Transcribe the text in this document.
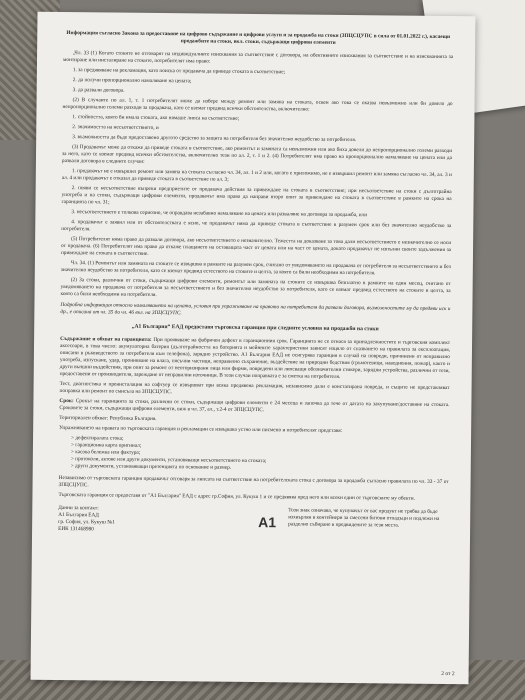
Информация съгласно Закона за предоставяне на цифрово съдържание и цифрови услуги и за продажба на стоки (ЗПЦСЦУПС в сила от 01.01.2022 г.), касаещи продажбите на стоки, вкл. стоки, съдържащи цифрови елементи

„Чл. 33 (1) Когато стоките не отговарят на индивидуалните изисквания за съответствие с договора, на обективните изисквания за съответствие и на изискванията за монтиране или инсталиране на стоките, потребителят има право:

1. за предявяване на рекламация, като поиска от продавача да приведе стоката в съответствие;

2. да получи пропорционално намаляване на цената;

3. да развали договора.

(2) В случаите по ал. 1, т. 1 потребителят може да избере между ремонт или замяна на стоката, освен ако това се оказва невъзможно или би довело до непропорционално големи разходи за продавача, като се вземат предвид всички обстоятелства, включително:

1. стойността, която би имала стоката, ако нямаше липса на съответствие;

2. значимостта на несъответствието, и

3. възможността да бъде предоставено другото средство за защита на потребителя без значително неудобство за потребителя.

(3) Продавачът може да откаже да приведе стоката в съответствие, ако ремонтът и замяната са невъзможни или ако биха довели до непропорционално големи разходи за него, като се вземат предвид всички обстоятелства, включително тези по ал. 2, т. 1 и 2. (4) Потребителят има право на пропорционално намаляване на цената или да развали договора в следните случаи:

1. продавачът не е извършил ремонт или замяна на стоката съгласно чл. 34, ал. 1 и 2 или, когато е приложимо, не е извършил ремонт или замяна съгласно чл. 34, ал. 3 и ал. 4 или продавачът е отказал да приведе стоката в съответствие по ал. 3;

2. появи се несъответствие въпреки предприетите от продавача действия за привеждане на стоката в съответствие; при несъответствие на стоки с дълготрайна употреба и на стоки, съдържащи цифрови елементи, продавачът има право да направи второ опит за привеждане на стоката в съответствие в рамките на срока на гаранцията по чл. 31;

3. несъответствието е толкова сериозно, че оправдава незабавно намаляване на цената или разваляне на договора за продажба, или

4. продавачът е заявил или от обстоятелствата е ясно, че продавачът няма да приведе стоката в съответствие в разумен срок или без значително неудобство за потребителя.

(5) Потребителят няма право да развали договора, ако несъответствието е незначително. Тежестта на доказване за това дали несъответствието е незначително се носи от продавача. (6) Потребителят има право да откаже плащането на оставащата част от цената или на част от цената, докато продавачът не изпълни своите задължения за привеждане на стоката в съответствие.

Чл. 34. (1) Ремонтът или замяната на стоките се извършва в рамките на разумен срок, считано от уведомяването на продавача от потребителя за несъответствието и без значително неудобство за потребителя, като се вземат предвид естеството на стоките и целта, за която са били необходими на потребителя.

(2) За стоки, различни от стоки, съдържащи цифрови елементи, ремонтът или замяната на стоките се извършва безплатно в рамките на един месец, считано от уведомяването на продавача от потребителя за несъответствието и без значително неудобство за потребителя, като се вземат предвид естеството на стоките и целта, за която са били необходими на потребителя.

Подробна информация относно намаляването на цената, условия при упражняване на правото на потребителя да развали договора, възможностите му да предяви иск и др., е описана от чл. 35 до чл. 46 вкл. на ЗПЦСЦУПС.

„А1 България“ ЕАД предоставя търговска гаранция при следните условия на продажби на стоки

Съдържание и обхват на гаранцията: При проявяване на фабричен дефект в гаранционния срок. Гаранцията не се отнася за принадлежностите и търговския комплект аксесоари, в това число: акумулаторна батерия (дълготрайността на батерията и мейнните характеристики зависят изцяло от спазването на правилата за експлоатация, описани в ръководството за потребителя към телефона), зарядно устройство. А1 България ЕАД не осигурява гаранция в случай на повреди, причинени от неправилно употреба, изпускане, удар, проникване на влага, пясъчни частици, неправилно съхранение, въздействие на природни бедствия (гръмотевици, наводнения, пожар), както и други външни въздействия, при опит за ремонт от неоторизирани лица или фирми, повредени или липсващи обозначителни стикери, зарядни устройства, различни от тези, предоставени от производителя, зареждане от неправилни източници. В тези случаи поправката е за сметка на потребителя.

Тест, диагностика и преинсталация на софтуер се извършват при всяка предявена рекламация, независимо дали е констатирана повреда, и същите не представляват поправка или ремонт по смисъла на ЗПЦСЦУПС.

Срок: Срокът на гаранцията за стоки, различни от стоки, съдържащи цифрови елементи е 24 месеца и започва да тече от датата на закупуване/доставяне на стоката. Сроковете за стоки, съдържащи цифрови елементи, виж в чл. 37, ал., т.2-4 от ЗПЦСЦУПС.

Териториален обхват: Република България.

Упражняването на правата по търговската гаранция и рекламации се извършва устно или писмено и потребителят представя:

> дефектиралата стока;
> гаранционна карта оригинал;
> касова бележка или фактура;
> протоколи, актове или други документи, установяващи несъответствието на стоката;
> други документи, установяващи претенцията по основание и размер.

Независимо от търговската гаранция продавачът отговаря за липсата на съответствие на потребителската стока с договора за продажба съгласно правилата по чл. 33 - 37 от ЗПЦСЦУПС.

Търговската гаранция се предоставя от "А1 България" ЕАД с адрес гр.София, ул. Кукуш 1 и се предявява пред него или всеки един от търговските му обекти.

Данни за контакт:
А1 България ЕАД
гр. София, ул. Кукуш №1
ЕИК 131468980	A1
Този знак означава, че купувачът от вас продукт не трябва да бъде изхвърлян в контейнери за смесени битови отпадъци и подлежи на разделно събиране в предвидените за тези места.
2 от 2
